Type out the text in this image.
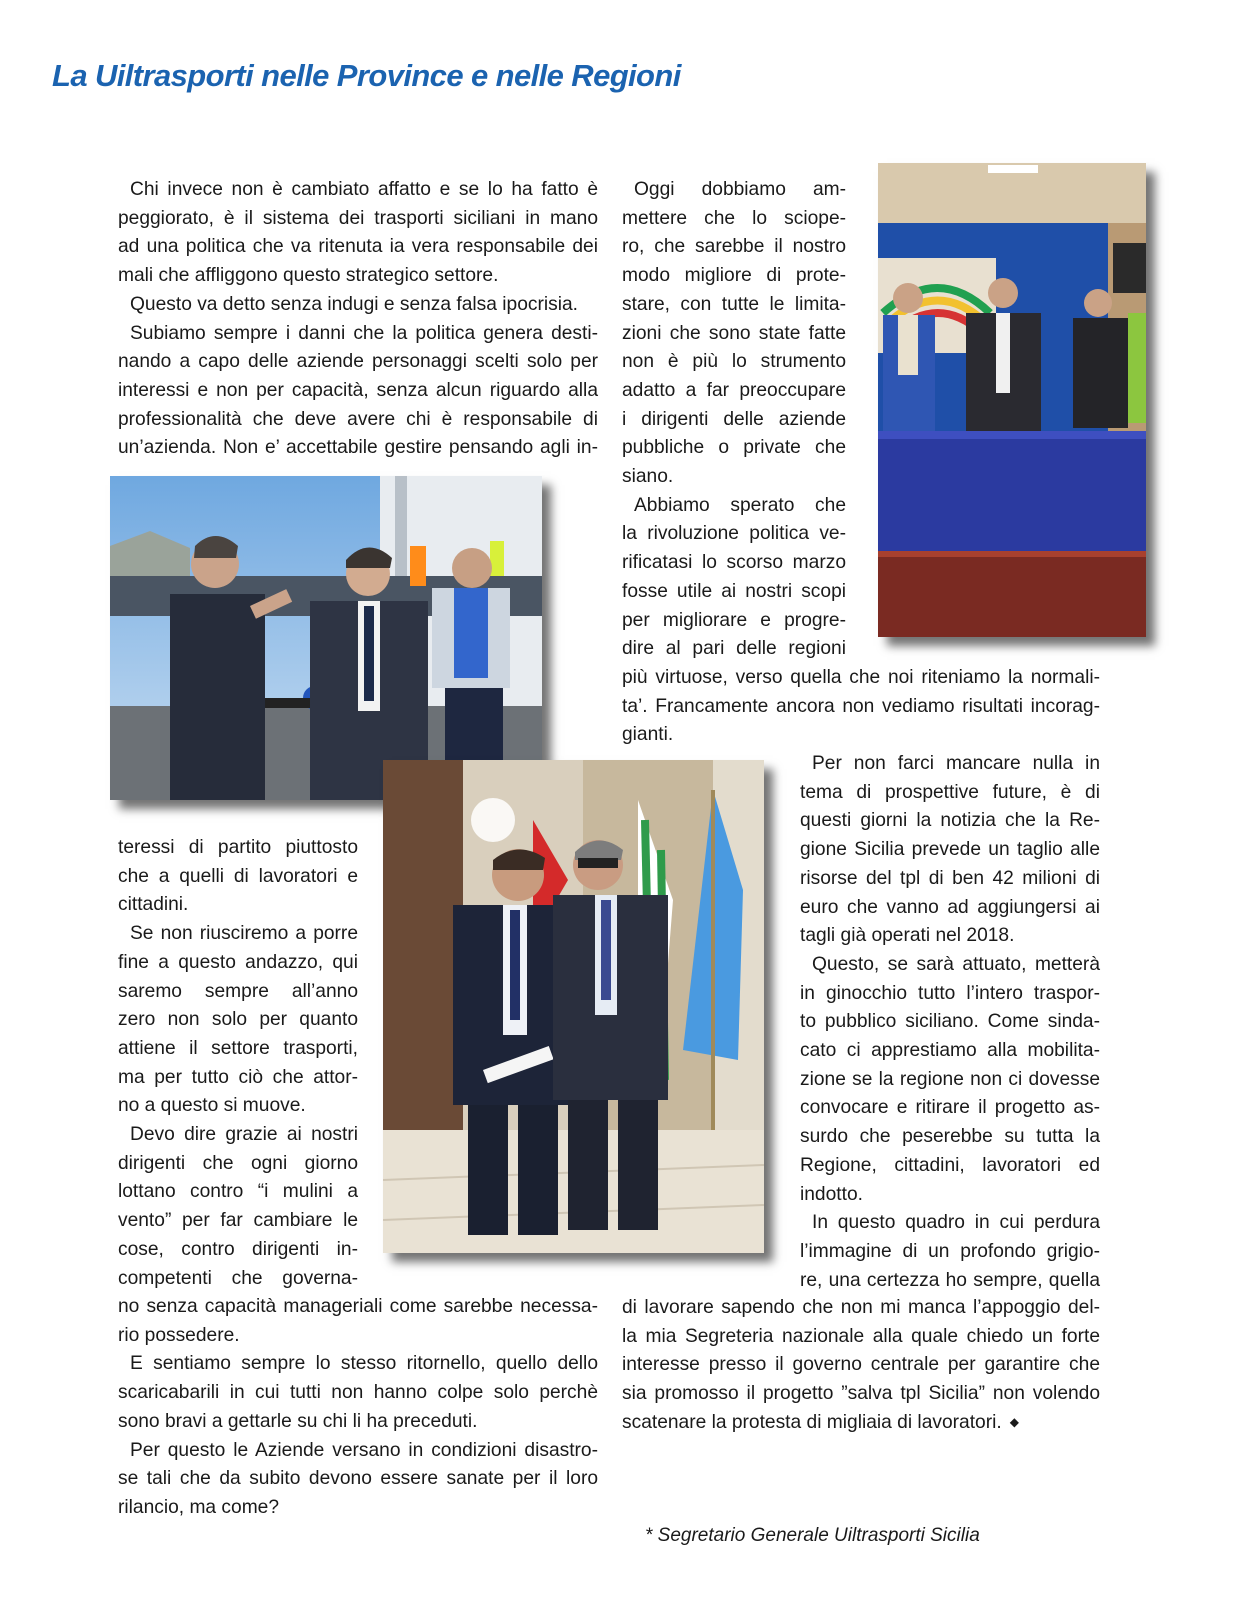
La Uiltrasporti nelle Province e nelle Regioni
Chi invece non è cambiato affatto e se lo ha fatto è
peggiorato, è il sistema dei trasporti siciliani in mano
ad una politica che va ritenuta ia vera responsabile dei
mali che affliggono questo strategico settore.
Questo va detto senza indugi e senza falsa ipocrisia.
Subiamo sempre i danni che la politica genera desti-
nando a capo delle aziende personaggi scelti solo per
interessi e non per capacità, senza alcun riguardo alla
professionalità che deve avere chi è responsabile di
un’azienda. Non e’ accettabile gestire pensando agli in-
teressi di partito piuttosto
che a quelli di lavoratori e
cittadini.
Se non riusciremo a porre
fine a questo andazzo, qui
saremo sempre all’anno
zero non solo per quanto
attiene il settore trasporti,
ma per tutto ciò che attor-
no a questo si muove.
Devo dire grazie ai nostri
dirigenti che ogni giorno
lottano contro “i mulini a
vento” per far cambiare le
cose, contro dirigenti in-
competenti che governa-
no senza capacità manageriali come sarebbe necessa-
rio possedere.
E sentiamo sempre lo stesso ritornello, quello dello
scaricabarili in cui tutti non hanno colpe solo perchè
sono bravi a gettarle su chi li ha preceduti.
Per questo le Aziende versano in condizioni disastro-
se tali che da subito devono essere sanate per il loro
rilancio, ma come?
Oggi dobbiamo am-
mettere che lo sciope-
ro, che sarebbe il nostro
modo migliore di prote-
stare, con tutte le limita-
zioni che sono state fatte
non è più lo strumento
adatto a far preoccupare
i dirigenti delle aziende
pubbliche o private che
siano.
Abbiamo sperato che
la rivoluzione politica ve-
rificatasi lo scorso marzo
fosse utile ai nostri scopi
per migliorare e progre-
dire al pari delle regioni
più virtuose, verso quella che noi riteniamo la normali-
ta’. Francamente ancora non vediamo risultati incorag-
gianti.
Per non farci mancare nulla in
tema di prospettive future, è di
questi giorni la notizia che la Re-
gione Sicilia prevede un taglio alle
risorse del tpl di ben 42 milioni di
euro che vanno ad aggiungersi ai
tagli già operati nel 2018.
Questo, se sarà attuato, metterà
in ginocchio tutto l’intero traspor-
to pubblico siciliano. Come sinda-
cato ci apprestiamo alla mobilita-
zione se la regione non ci dovesse
convocare e ritirare il progetto as-
surdo che peserebbe su tutta la
Regione, cittadini, lavoratori ed
indotto.
In questo quadro in cui perdura
l’immagine di un profondo grigio-
re, una certezza ho sempre, quella
di lavorare sapendo che non mi manca l’appoggio del-
la mia Segreteria nazionale alla quale chiedo un forte
interesse presso il governo centrale per garantire che
sia promosso il progetto ”salva tpl Sicilia” non volendo
scatenare la protesta di migliaia di lavoratori. ◆
* Segretario Generale Uiltrasporti Sicilia
